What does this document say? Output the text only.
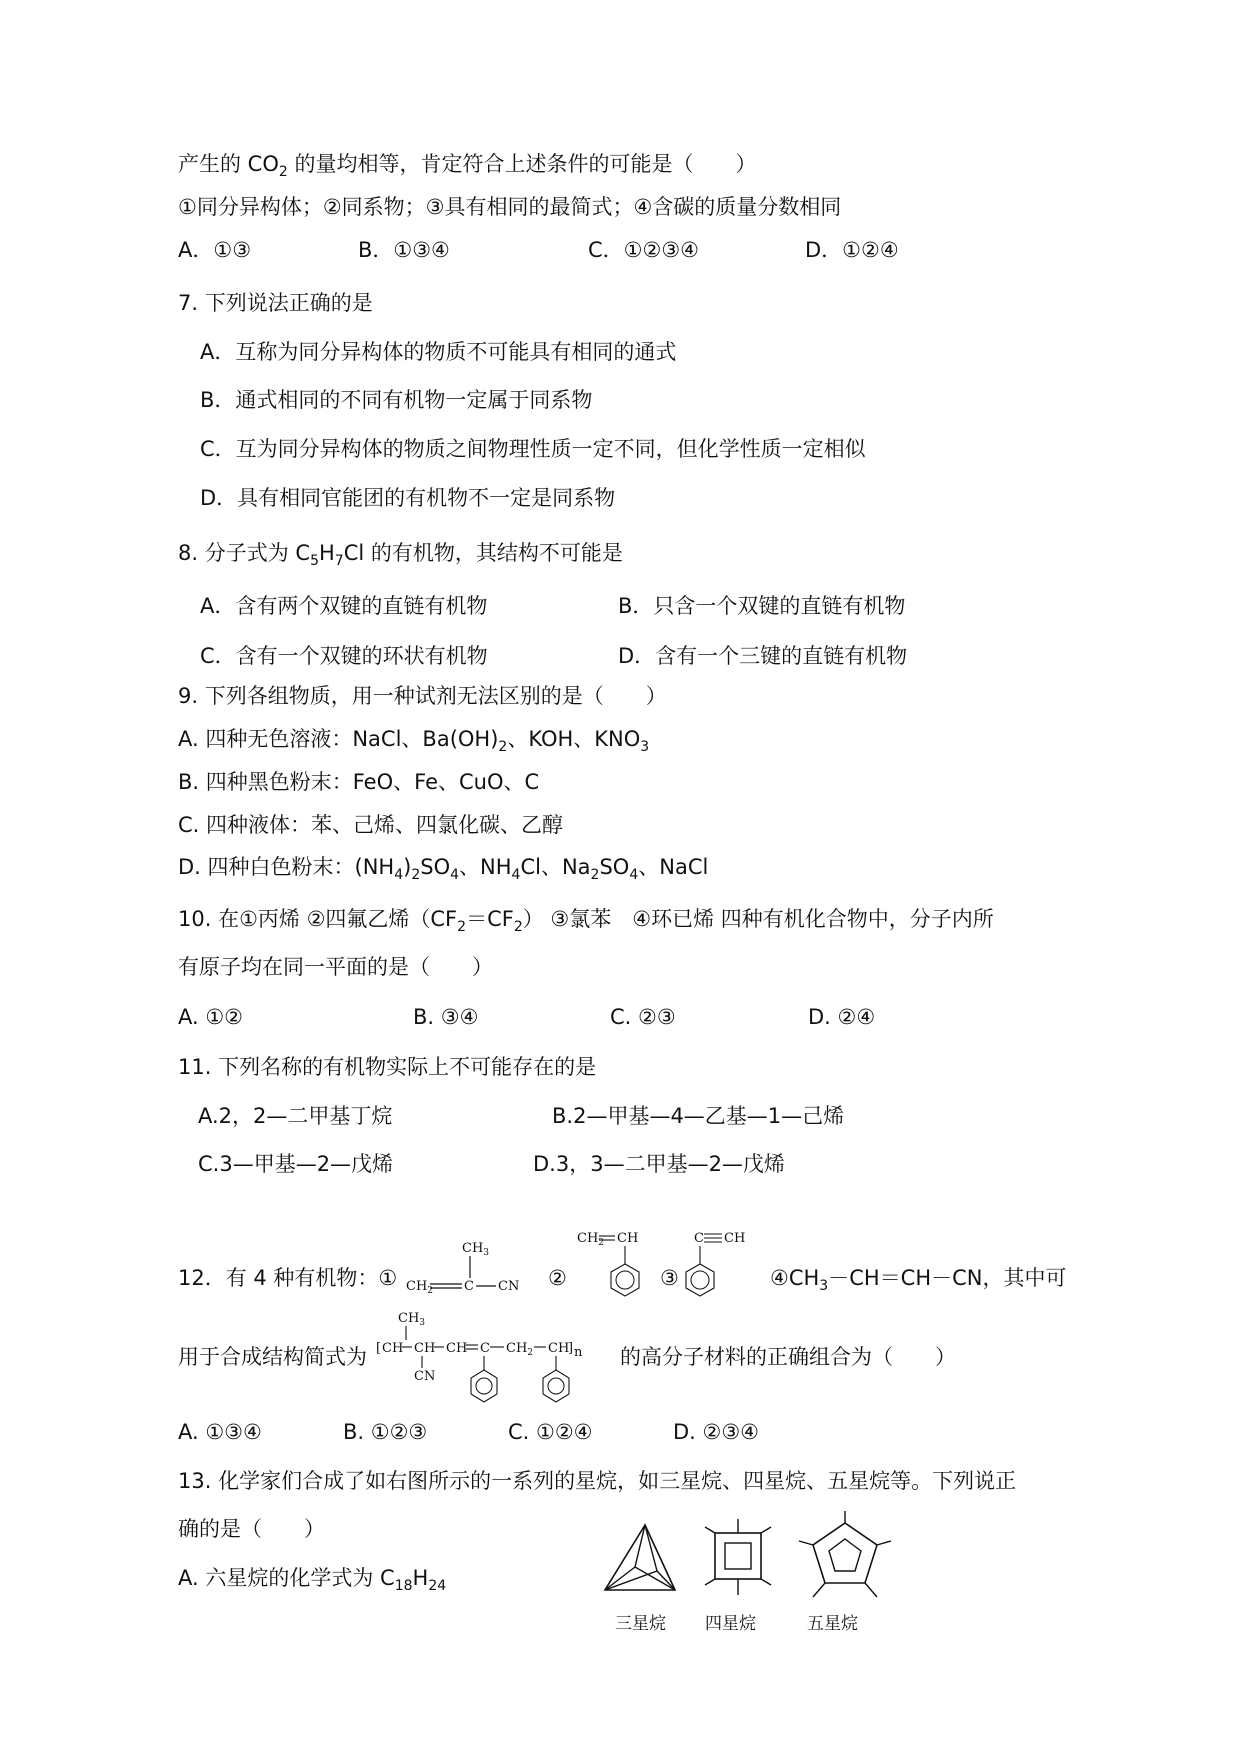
产生的 $CO_2$ 的量均相等，肯定符合上述条件的可能是（　　）
①同分异构体；②同系物；③具有相同的最简式；④含碳的质量分数相同
A．①③	B．①③④	C．①②③④	D．①②④
7. 下列说法正确的是
A．互称为同分异构体的物质不可能具有相同的通式
B．通式相同的不同有机物一定属于同系物
C．互为同分异构体的物质之间物理性质一定不同，但化学性质一定相似
D．具有相同官能团的有机物不一定是同系物
8. 分子式为 $C_5H_7Cl$ 的有机物，其结构不可能是
A．含有两个双键的直链有机物	B．只含一个双键的直链有机物
C．含有一个双键的环状有机物	D．含有一个三键的直链有机物
9. 下列各组物质，用一种试剂无法区别的是（　　）
A. 四种无色溶液：NaCl、$Ba(OH)_2$、KOH、$KNO_3$
B. 四种黑色粉末：FeO、Fe、CuO、C
C. 四种液体：苯、己烯、四氯化碳、乙醇
D. 四种白色粉末：$(NH_4)_2SO_4$、$NH_4Cl$、$Na_2SO_4$、NaCl
10. 在①丙烯 ②四氟乙烯$(CF_2=CF_2)$ ③氯苯　④环已烯 四种有机化合物中，分子内所
有原子均在同一平面的是（　　）
A. ①②	B. ③④	C. ②③	D. ②④
11. 下列名称的有机物实际上不可能存在的是
A.2，2—二甲基丁烷	B.2—甲基—4—乙基—1—己烯
C.3—甲基—2—戊烯	D.3，3—二甲基—2—戊烯
12．有 4 种有机物：①
$CH_3$
$CH_2$ C CN ②
$CH_2$ CH
③
C CH
$④CH_3-CH=CH-CN$，其中可
用于合成结构简式为
$CH_3$
[ CH CH CH C $CH_2$ CH
] n
CN
的高分子材料的正确组合为（　　）
A. ①③④	B. ①②③	C. ①②④	D. ②③④
13. 化学家们合成了如右图所示的一系列的星烷，如三星烷、四星烷、五星烷等。下列说正
确的是（　　）
A. 六星烷的化学式为 $C_{18}H_{24}$
三星烷 四星烷	五星烷
